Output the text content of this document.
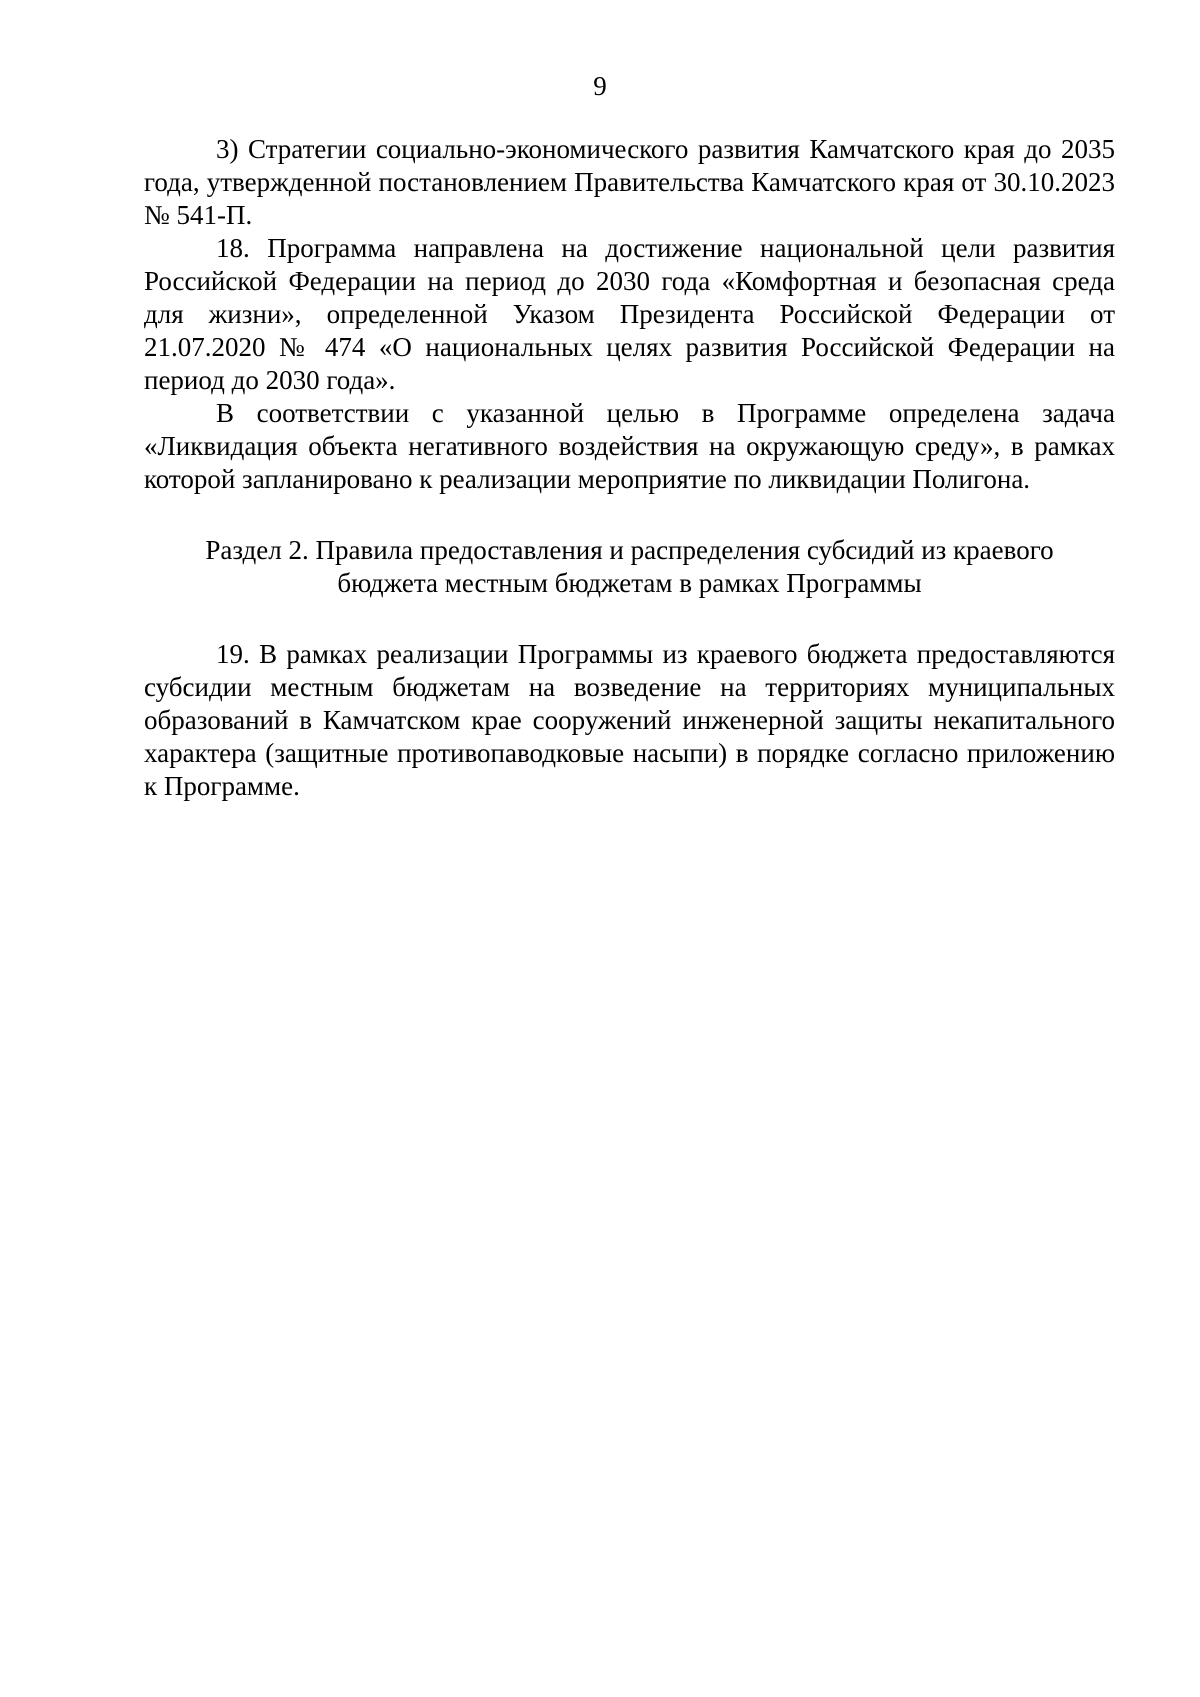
9

3) Стратегии социально-экономического развития Камчатского края до 2035 года, утвержденной постановлением Правительства Камчатского края от 30.10.2023 № 541-П.

18. Программа направлена на достижение национальной цели развития Российской Федерации на период до 2030 года «Комфортная и безопасная среда для жизни», определенной Указом Президента Российской Федерации от 21.07.2020 № 474 «О национальных целях развития Российской Федерации на период до 2030 года».

В соответствии с указанной целью в Программе определена задача «Ликвидация объекта негативного воздействия на окружающую среду», в рамках которой запланировано к реализации мероприятие по ликвидации Полигона.

Раздел 2. Правила предоставления и распределения субсидий из краевого
бюджета местным бюджетам в рамках Программы

19. В рамках реализации Программы из краевого бюджета предоставляются субсидии местным бюджетам на возведение на территориях муниципальных образований в Камчатском крае сооружений инженерной защиты некапитального характера (защитные противопаводковые насыпи) в порядке согласно приложению к Программе.
